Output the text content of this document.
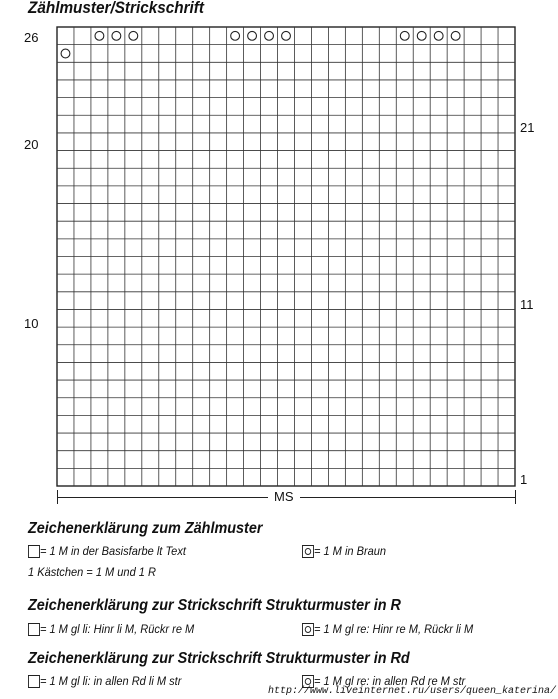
Zählmuster/Strickschrift
26
20
10
21
11
1
MS
Zeichenerklärung zum Zählmuster
= 1 M in der Basisfarbe lt Text	= 1 M in Braun
1 Kästchen = 1 M und 1 R
Zeichenerklärung zur Strickschrift Strukturmuster in R
= 1 M gl li: Hinr li M, Rückr re M	= 1 M gl re: Hinr re M, Rückr li M
Zeichenerklärung zur Strickschrift Strukturmuster in Rd
= 1 M gl li: in allen Rd li M str	= 1 M gl re: in allen Rd re M str
http://www.liveinternet.ru/users/queen_katerina/
